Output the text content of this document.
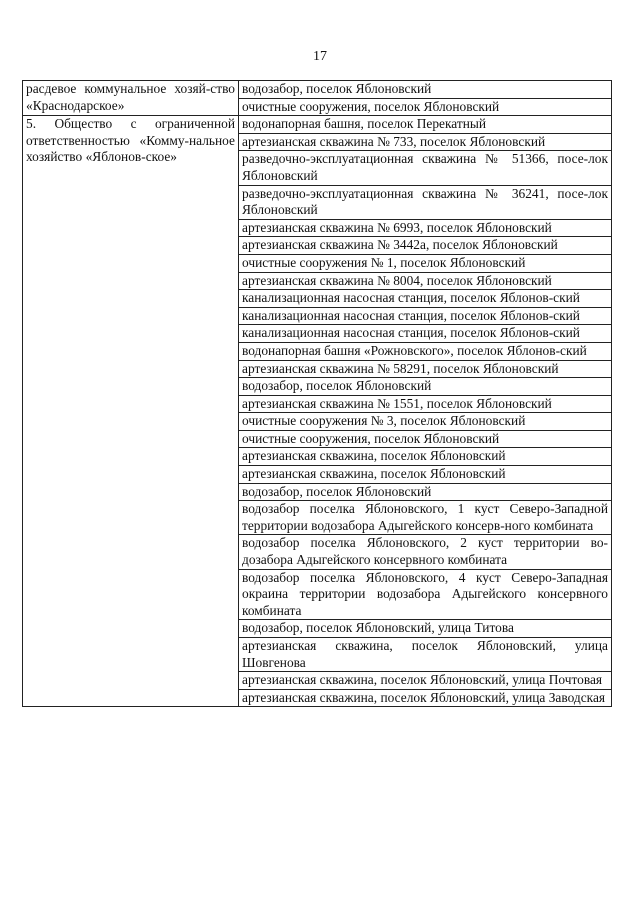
17
расдевое коммунальное хозяй-ство «Краснодарское»	водозабор, поселок Яблоновский
	очистные сооружения, поселок Яблоновский
5. Общество с ограниченной ответственностью «Комму-нальное хозяйство «Яблонов-ское»	водонапорная башня, поселок Перекатный
	артезианская скважина № 733, поселок Яблоновский
	разведочно-эксплуатационная скважина № 51366, посе-лок Яблоновский
	разведочно-эксплуатационная скважина № 36241, посе-лок Яблоновский
	артезианская скважина № 6993, поселок Яблоновский
	артезианская скважина № 3442а, поселок Яблоновский
	очистные сооружения № 1, поселок Яблоновский
	артезианская скважина № 8004, поселок Яблоновский
	канализационная насосная станция, поселок Яблонов-ский
	канализационная насосная станция, поселок Яблонов-ский
	канализационная насосная станция, поселок Яблонов-ский
	водонапорная башня «Рожновского», поселок Яблонов-ский
	артезианская скважина № 58291, поселок Яблоновский
	водозабор, поселок Яблоновский
	артезианская скважина № 1551, поселок Яблоновский
	очистные сооружения № 3, поселок Яблоновский
	очистные сооружения, поселок Яблоновский
	артезианская скважина, поселок Яблоновский
	артезианская скважина, поселок Яблоновский
	водозабор, поселок Яблоновский
	водозабор поселка Яблоновского, 1 куст Северо-Западной территории водозабора Адыгейского консерв-ного комбината
	водозабор поселка Яблоновского, 2 куст территории во-дозабора Адыгейского консервного комбината
	водозабор поселка Яблоновского, 4 куст Северо-Западная окраина территории водозабора Адыгейского консервного комбината
	водозабор, поселок Яблоновский, улица Титова
	артезианская скважина, поселок Яблоновский, улица Шовгенова
	артезианская скважина, поселок Яблоновский, улица Почтовая
	артезианская скважина, поселок Яблоновский, улица Заводская
